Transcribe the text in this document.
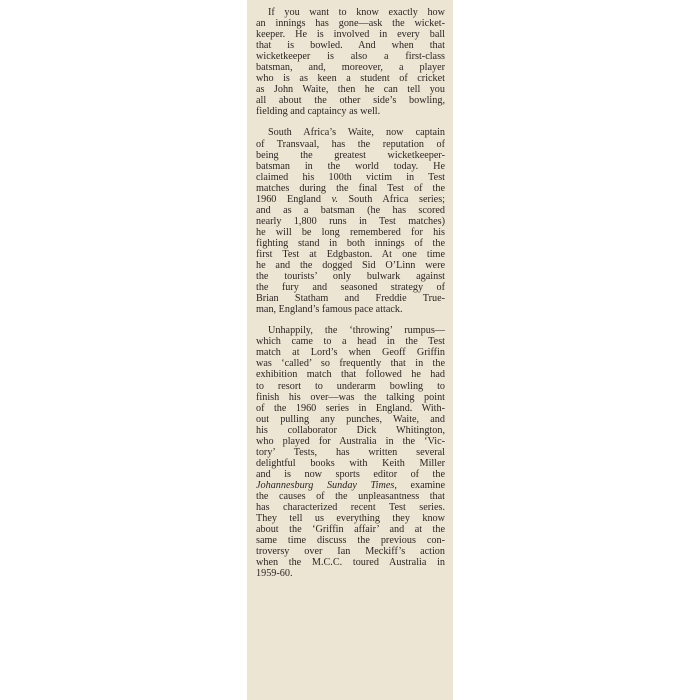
If you want to know exactly how
an innings has gone—ask the wicket-
keeper. He is involved in every ball
that is bowled. And when that
wicketkeeper is also a first-class
batsman, and, moreover, a player
who is as keen a student of cricket
as John Waite, then he can tell you
all about the other side’s bowling,
fielding and captaincy as well.
South Africa’s Waite, now captain
of Transvaal, has the reputation of
being the greatest wicketkeeper-
batsman in the world today. He
claimed his 100th victim in Test
matches during the final Test of the
1960 England v. South Africa series;
and as a batsman (he has scored
nearly 1,800 runs in Test matches)
he will be long remembered for his
fighting stand in both innings of the
first Test at Edgbaston. At one time
he and the dogged Sid O’Linn were
the tourists’ only bulwark against
the fury and seasoned strategy of
Brian Statham and Freddie True-
man, England’s famous pace attack.
Unhappily, the ‘throwing’ rumpus—
which came to a head in the Test
match at Lord’s when Geoff Griffin
was ‘called’ so frequently that in the
exhibition match that followed he had
to resort to underarm bowling to
finish his over—was the talking point
of the 1960 series in England. With-
out pulling any punches, Waite, and
his collaborator Dick Whitington,
who played for Australia in the ‘Vic-
tory’ Tests, has written several
delightful books with Keith Miller
and is now sports editor of the
Johannesburg Sunday Times, examine
the causes of the unpleasantness that
has characterized recent Test series.
They tell us everything they know
about the ‘Griffin affair’ and at the
same time discuss the previous con-
troversy over Ian Meckiff’s action
when the M.C.C. toured Australia in
1959-60.
